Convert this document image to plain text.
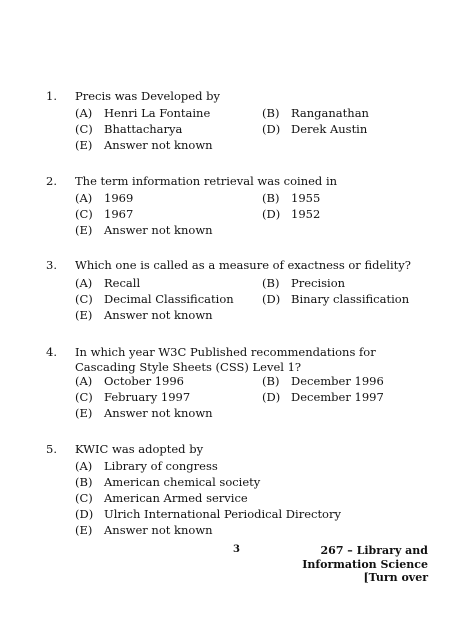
1. Precis was Developed by
(A) Henri La Fontaine	(B) Ranganathan
(C) Bhattacharya	(D) Derek Austin
(E) Answer not known
2. The term information retrieval was coined in
(A) 1969	(B) 1955
(C) 1967	(D) 1952
(E) Answer not known
3. Which one is called as a measure of exactness or fidelity?
(A) Recall	(B) Precision
(C) Decimal Classification (D) Binary classification
(E) Answer not known
4. In which year W3C Published recommendations for Cascading Style Sheets (CSS) Level 1?
(A) October 1996	(B) December 1996
(C) February 1997	(D) December 1997
(E) Answer not known
5. KWIC was adopted by
(A) Library of congress
(B) American chemical society
(C) American Armed service
(D) Ulrich International Periodical Directory
(E) Answer not known
3	267 – Library and
Information Science
[Turn over
